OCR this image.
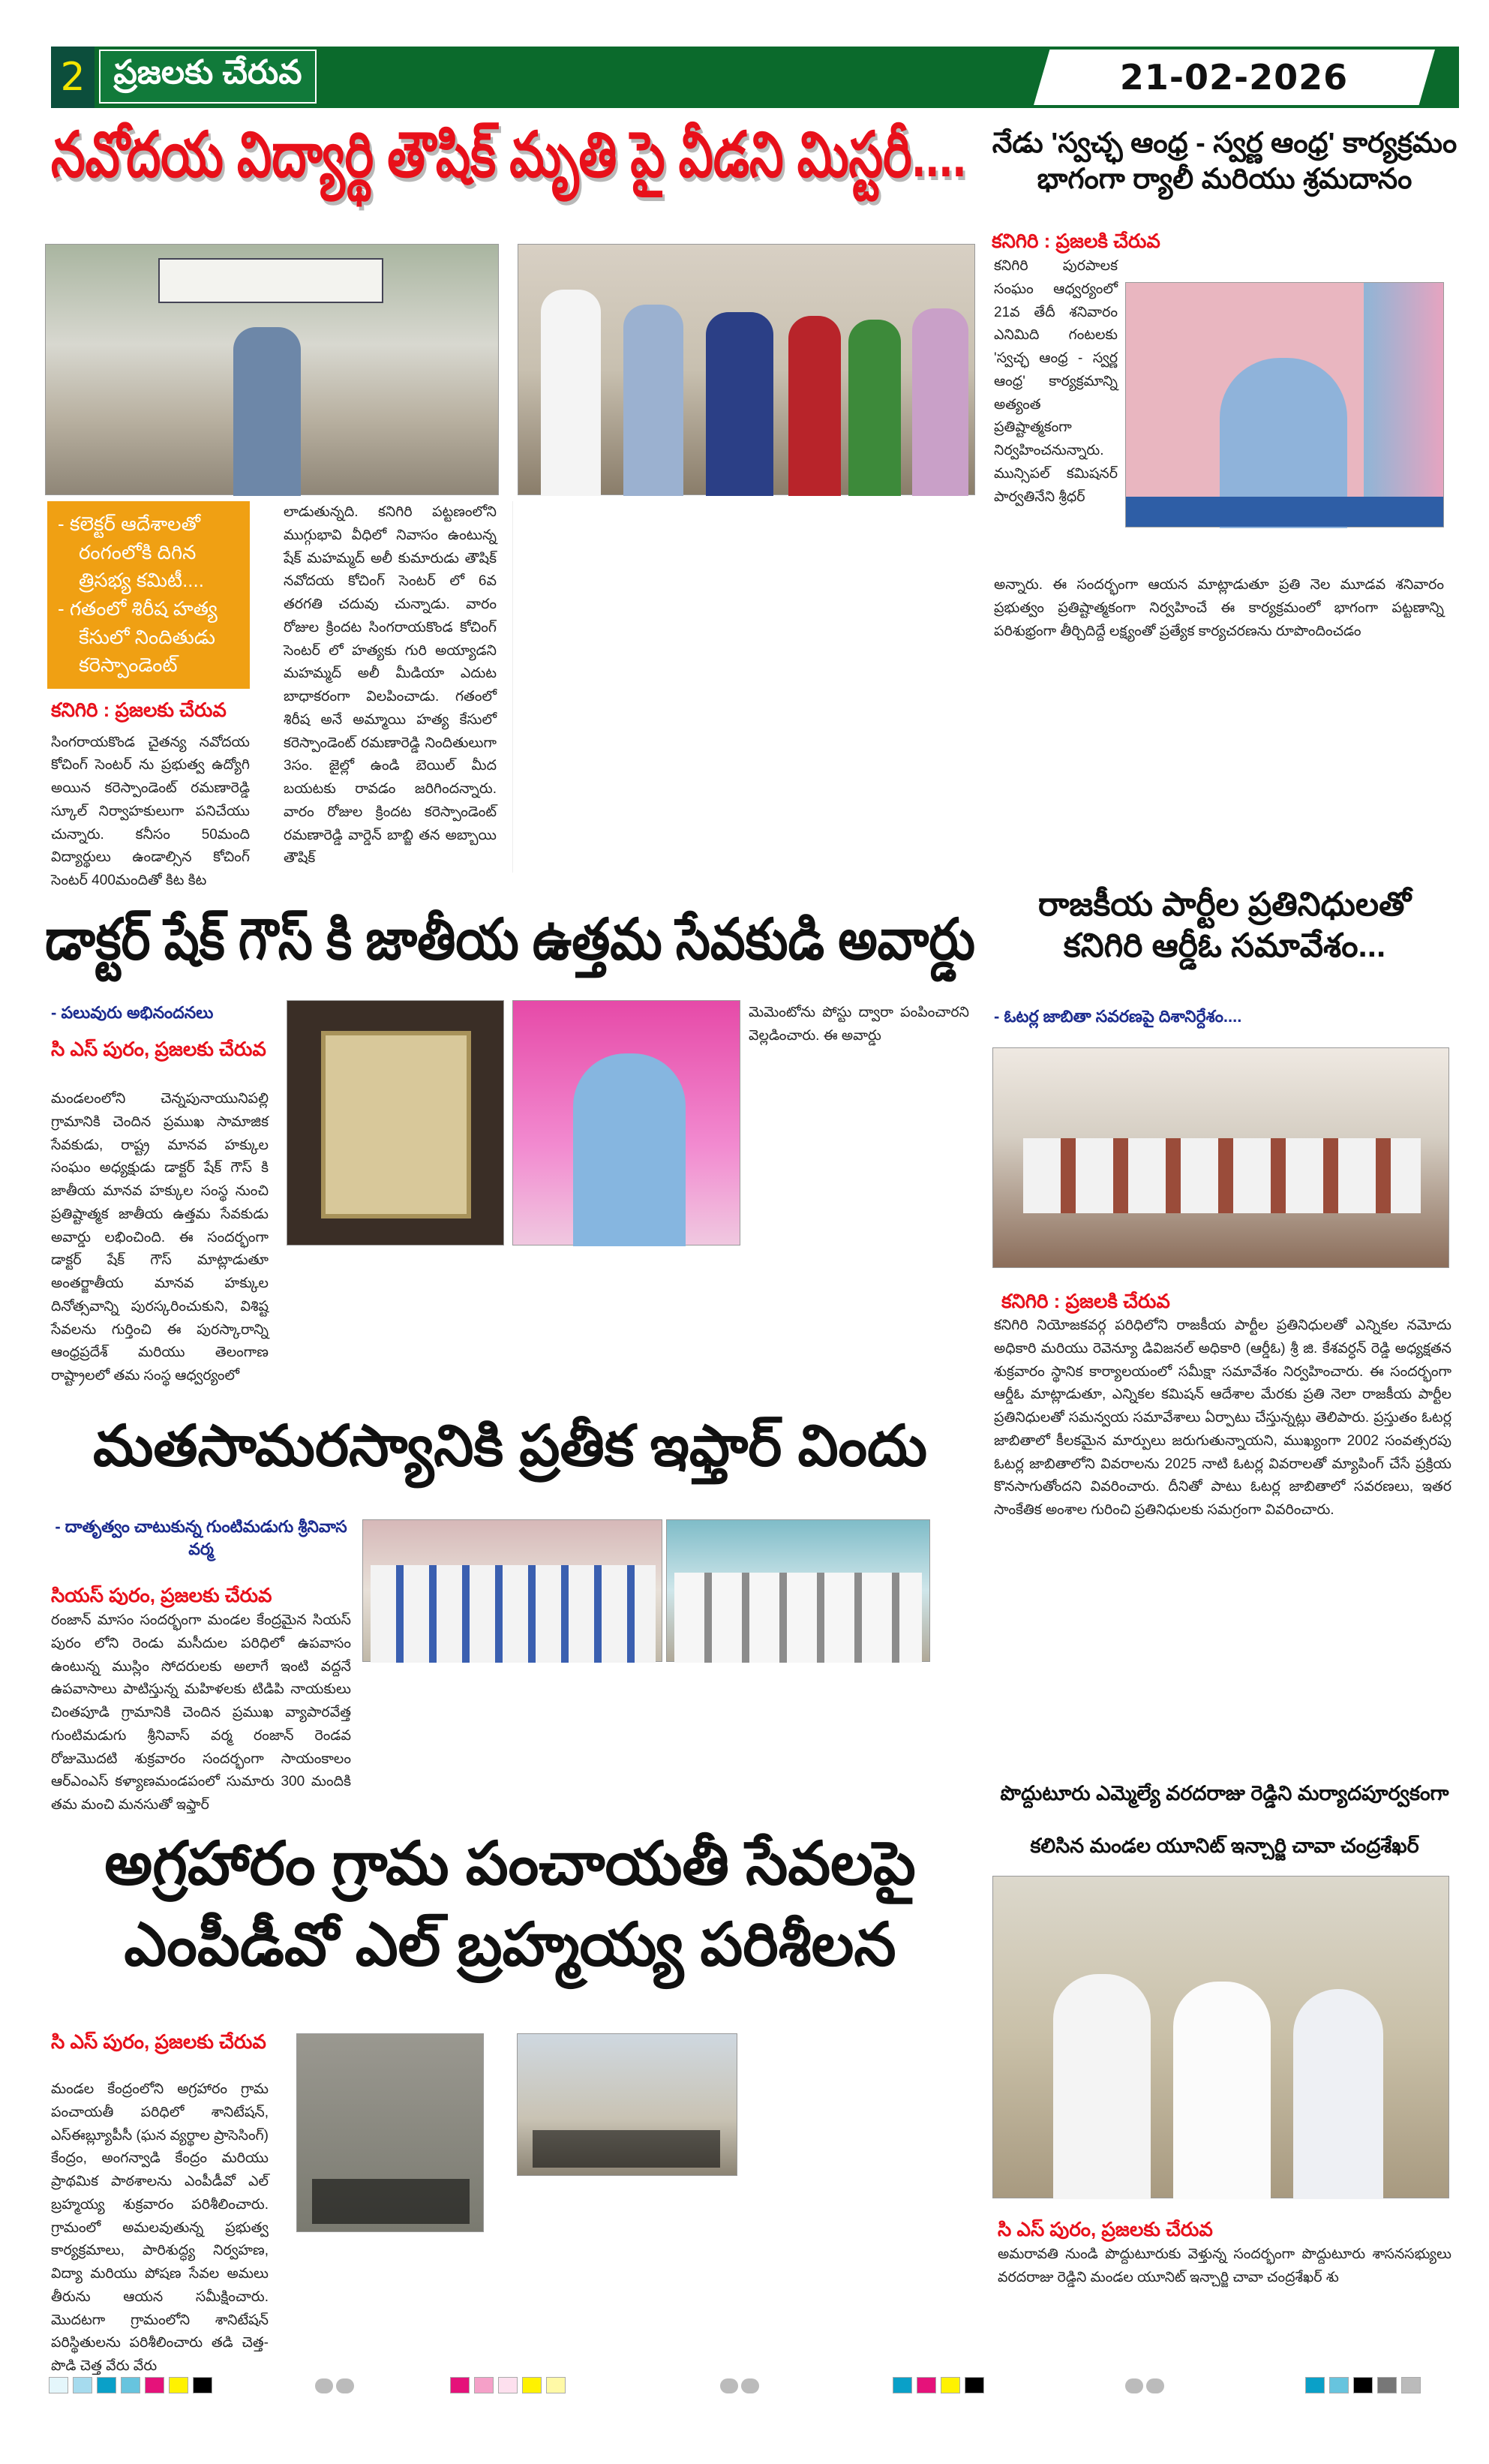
2 ప్రజలకు చేరువ	21-02-2026
నవోదయ విద్యార్థి తౌషిక్ మృతి పై వీడని మిస్టరీ....
- కలెక్టర్ ఆదేశాలతో రంగంలోకి దిగిన త్రిసభ్య కమిటీ....
- గతంలో శిరీష హత్య కేసులో నిందితుడు కరెస్పాండెంట్
కనిగిరి : ప్రజలకు చేరువ
సింగరాయకొండ చైతన్య నవోదయ కోచింగ్ సెంటర్ ను ప్రభుత్వ ఉద్యోగి అయిన కరెస్పాండెంట్ రమణారెడ్డి స్కూల్ నిర్వాహకులుగా పనిచేయు చున్నారు. కనీసం 50మంది విద్యార్థులు ఉండాల్సిన కోచింగ్ సెంటర్ 400మందితో కిట కిట
లాడుతున్నది. కనిగిరి పట్టణంలోని ముగ్గుభావి వీధిలో నివాసం ఉంటున్న షేక్ మహమ్మద్ అలీ కుమారుడు తౌషిక్ నవోదయ కోచింగ్ సెంటర్ లో 6వ తరగతి చదువు చున్నాడు. వారం రోజుల క్రిందట సింగరాయకొండ కోచింగ్ సెంటర్ లో హత్యకు గురి అయ్యాడని మహమ్మద్ అలీ మీడియా ఎదుట బాధాకరంగా విలపించాడు. గతంలో శిరీష అనే అమ్మాయి హత్య కేసులో కరెస్పాండెంట్ రమణారెడ్డి నిందితులుగా 3సం. జైల్లో ఉండి బెయిల్ మీద బయటకు రావడం జరిగిందన్నారు. వారం రోజుల క్రిందట కరెస్పాండెంట్ రమణారెడ్డి వార్డెన్ బాబ్జి తన అబ్బాయి తౌషిక్
నేడు 'స్వచ్ఛ ఆంధ్ర - స్వర్ణ ఆంధ్ర' కార్యక్రమం
భాగంగా ర్యాలీ మరియు శ్రమదానం
కనిగిరి : ప్రజలకి చేరువ
కనిగిరి పురపాలక సంఘం ఆధ్వర్యంలో 21వ తేదీ శనివారం ఎనిమిది గంటలకు 'స్వచ్ఛ ఆంధ్ర - స్వర్ణ ఆంధ్ర' కార్యక్రమాన్ని అత్యంత ప్రతిష్టాత్మకంగా నిర్వహించనున్నారు. మున్సిపల్ కమిషనర్ పార్వతినేని శ్రీధర్
అన్నారు. ఈ సందర్భంగా ఆయన మాట్లాడుతూ ప్రతి నెల మూడవ శనివారం ప్రభుత్వం ప్రతిష్టాత్మకంగా నిర్వహించే ఈ కార్యక్రమంలో భాగంగా పట్టణాన్ని పరిశుభ్రంగా తీర్చిదిద్దే లక్ష్యంతో ప్రత్యేక కార్యచరణను రూపొందించడం
డాక్టర్ షేక్ గౌస్ కి జాతీయ ఉత్తమ సేవకుడి అవార్డు
- పలువురు అభినందనలు
సి ఎస్ పురం, ప్రజలకు చేరువ
మండలంలోని చెన్నపునాయునిపల్లి గ్రామానికి చెందిన ప్రముఖ సామాజిక సేవకుడు, రాష్ట్ర మానవ హక్కుల సంఘం అధ్యక్షుడు డాక్టర్ షేక్ గౌస్ కి జాతీయ మానవ హక్కుల సంస్థ నుంచి ప్రతిష్టాత్మక జాతీయ ఉత్తమ సేవకుడు అవార్డు లభించింది. ఈ సందర్భంగా డాక్టర్ షేక్ గౌస్ మాట్లాడుతూ అంతర్జాతీయ మానవ హక్కుల దినోత్సవాన్ని పురస్కరించుకుని, విశిష్ట సేవలను గుర్తించి ఈ పురస్కారాన్ని ఆంధ్రప్రదేశ్ మరియు తెలంగాణ రాష్ట్రాలలో తమ సంస్థ ఆధ్వర్యంలో
మెమెంటోను పోస్టు ద్వారా పంపించారని వెల్లడించారు. ఈ అవార్డు
రాజకీయ పార్టీల ప్రతినిధులతో
కనిగిరి ఆర్డీఓ సమావేశం...
- ఓటర్ల జాబితా సవరణపై దిశానిర్దేశం....
కనిగిరి : ప్రజలకి చేరువ
కనిగిరి నియోజకవర్గ పరిధిలోని రాజకీయ పార్టీల ప్రతినిధులతో ఎన్నికల నమోదు అధికారి మరియు రెవెన్యూ డివిజనల్ అధికారి (ఆర్డీఓ) శ్రీ జి. కేశవర్ధన్ రెడ్డి అధ్యక్షతన శుక్రవారం స్థానిక కార్యాలయంలో సమీక్షా సమావేశం నిర్వహించారు. ఈ సందర్భంగా ఆర్డీఓ మాట్లాడుతూ, ఎన్నికల కమిషన్ ఆదేశాల మేరకు ప్రతి నెలా రాజకీయ పార్టీల ప్రతినిధులతో సమన్వయ సమావేశాలు ఏర్పాటు చేస్తున్నట్లు తెలిపారు. ప్రస్తుతం ఓటర్ల జాబితాలో కీలకమైన మార్పులు జరుగుతున్నాయని, ముఖ్యంగా 2002 సంవత్సరపు ఓటర్ల జాబితాలోని వివరాలను 2025 నాటి ఓటర్ల వివరాలతో మ్యాపింగ్ చేసే ప్రక్రియ కొనసాగుతోందని వివరించారు. దీనితో పాటు ఓటర్ల జాబితాలో సవరణలు, ఇతర సాంకేతిక అంశాల గురించి ప్రతినిధులకు సమగ్రంగా వివరించారు.
మతసామరస్యానికి ప్రతీక ఇఫ్తార్ విందు
- దాతృత్వం చాటుకున్న గుంటిమడుగు శ్రీనివాస వర్మ
సియస్ పురం, ప్రజలకు చేరువ
రంజాన్ మాసం సందర్భంగా మండల కేంద్రమైన సియస్ పురం లోని రెండు మసీదుల పరిధిలో ఉపవాసం ఉంటున్న ముస్లిం సోదరులకు అలాగే ఇంటి వద్దనే ఉపవాసాలు పాటిస్తున్న మహిళలకు టిడిపి నాయకులు చింతపూడి గ్రామానికి చెందిన ప్రముఖ వ్యాపారవేత్త గుంటిమడుగు శ్రీనివాస్ వర్మ రంజాన్ రెండవ రోజుమొదటి శుక్రవారం సందర్భంగా సాయంకాలం ఆర్ఎంఎస్ కళ్యాణమండపంలో సుమారు 300 మందికి తమ మంచి మనసుతో ఇఫ్తార్
అగ్రహారం గ్రామ పంచాయతీ సేవలపై
ఎంపీడీవో ఎల్ బ్రహ్మయ్య పరిశీలన
సి ఎస్ పురం, ప్రజలకు చేరువ
మండల కేంద్రంలోని అగ్రహారం గ్రామ పంచాయతీ పరిధిలో శానిటేషన్, ఎస్ఈబ్ల్యూపీసీ (ఘన వ్యర్థాల ప్రాసెసింగ్) కేంద్రం, అంగన్వాడి కేంద్రం మరియు ప్రాథమిక పాఠశాలను ఎంపీడీవో ఎల్ బ్రహ్మయ్య శుక్రవారం పరిశీలించారు. గ్రామంలో అమలవుతున్న ప్రభుత్వ కార్యక్రమాలు, పారిశుద్ధ్య నిర్వహణ, విద్యా మరియు పోషణ సేవల అమలు తీరును ఆయన సమీక్షించారు. మొదటగా గ్రామంలోని శానిటేషన్ పరిస్థితులను పరిశీలించారు తడి చెత్త- పొడి చెత్త వేరు వేరు
పొద్దుటూరు ఎమ్మెల్యే వరదరాజు రెడ్డిని మర్యాదపూర్వకంగా
కలిసిన మండల యూనిట్ ఇన్చార్జి చావా చంద్రశేఖర్
సి ఎస్ పురం, ప్రజలకు చేరువ
అమరావతి నుండి పొద్దుటూరుకు వెళ్తున్న సందర్భంగా పొద్దుటూరు శాసనసభ్యులు వరదరాజు రెడ్డిని మండల యూనిట్ ఇన్చార్జి చావా చంద్రశేఖర్ శు
